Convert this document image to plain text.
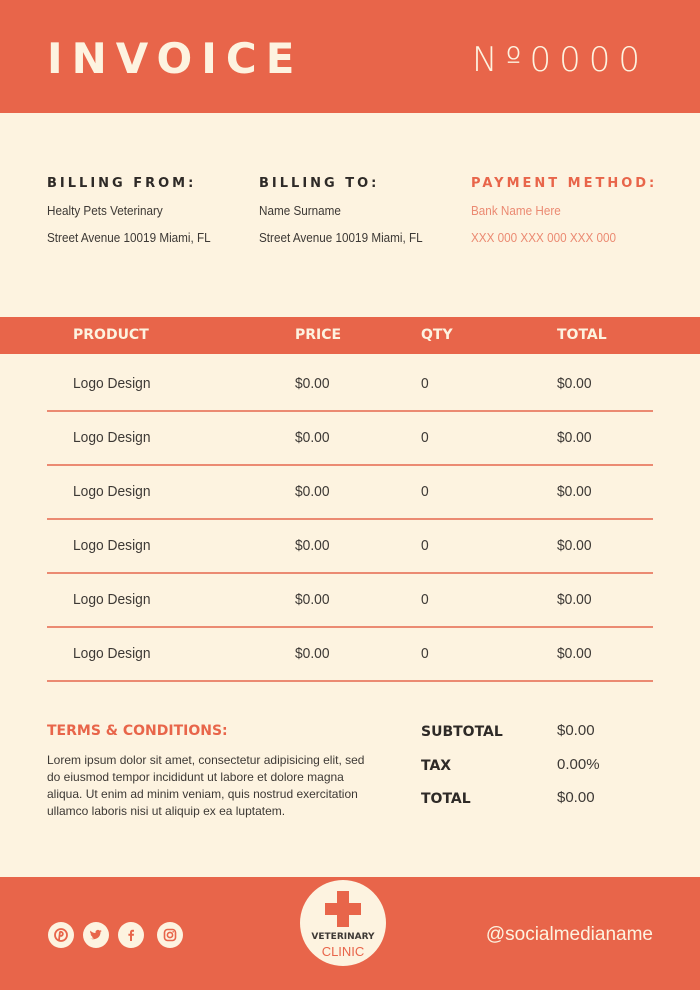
INVOICE	Nº0000
BILLING FROM:
Healty Pets Veterinary
Street Avenue 10019 Miami, FL
BILLING TO:
Name Surname
Street Avenue 10019 Miami, FL
PAYMENT METHOD:
Bank Name Here
XXX 000 XXX 000 XXX 000
PRODUCT	PRICE	QTY	TOTAL
Logo Design	$0.00	0	$0.00
Logo Design	$0.00	0	$0.00
Logo Design	$0.00	0	$0.00
Logo Design	$0.00	0	$0.00
Logo Design	$0.00	0	$0.00
Logo Design	$0.00	0	$0.00
TERMS & CONDITIONS:
Lorem ipsum dolor sit amet, consectetur adipisicing elit, sed do eiusmod tempor incididunt ut labore et dolore magna aliqua. Ut enim ad minim veniam, quis nostrud exercitation ullamco laboris nisi ut aliquip ex ea luptatem.
SUBTOTAL	$0.00
TAX	0.00%
TOTAL	$0.00
VETERINARY
CLINIC
@socialmedianame
